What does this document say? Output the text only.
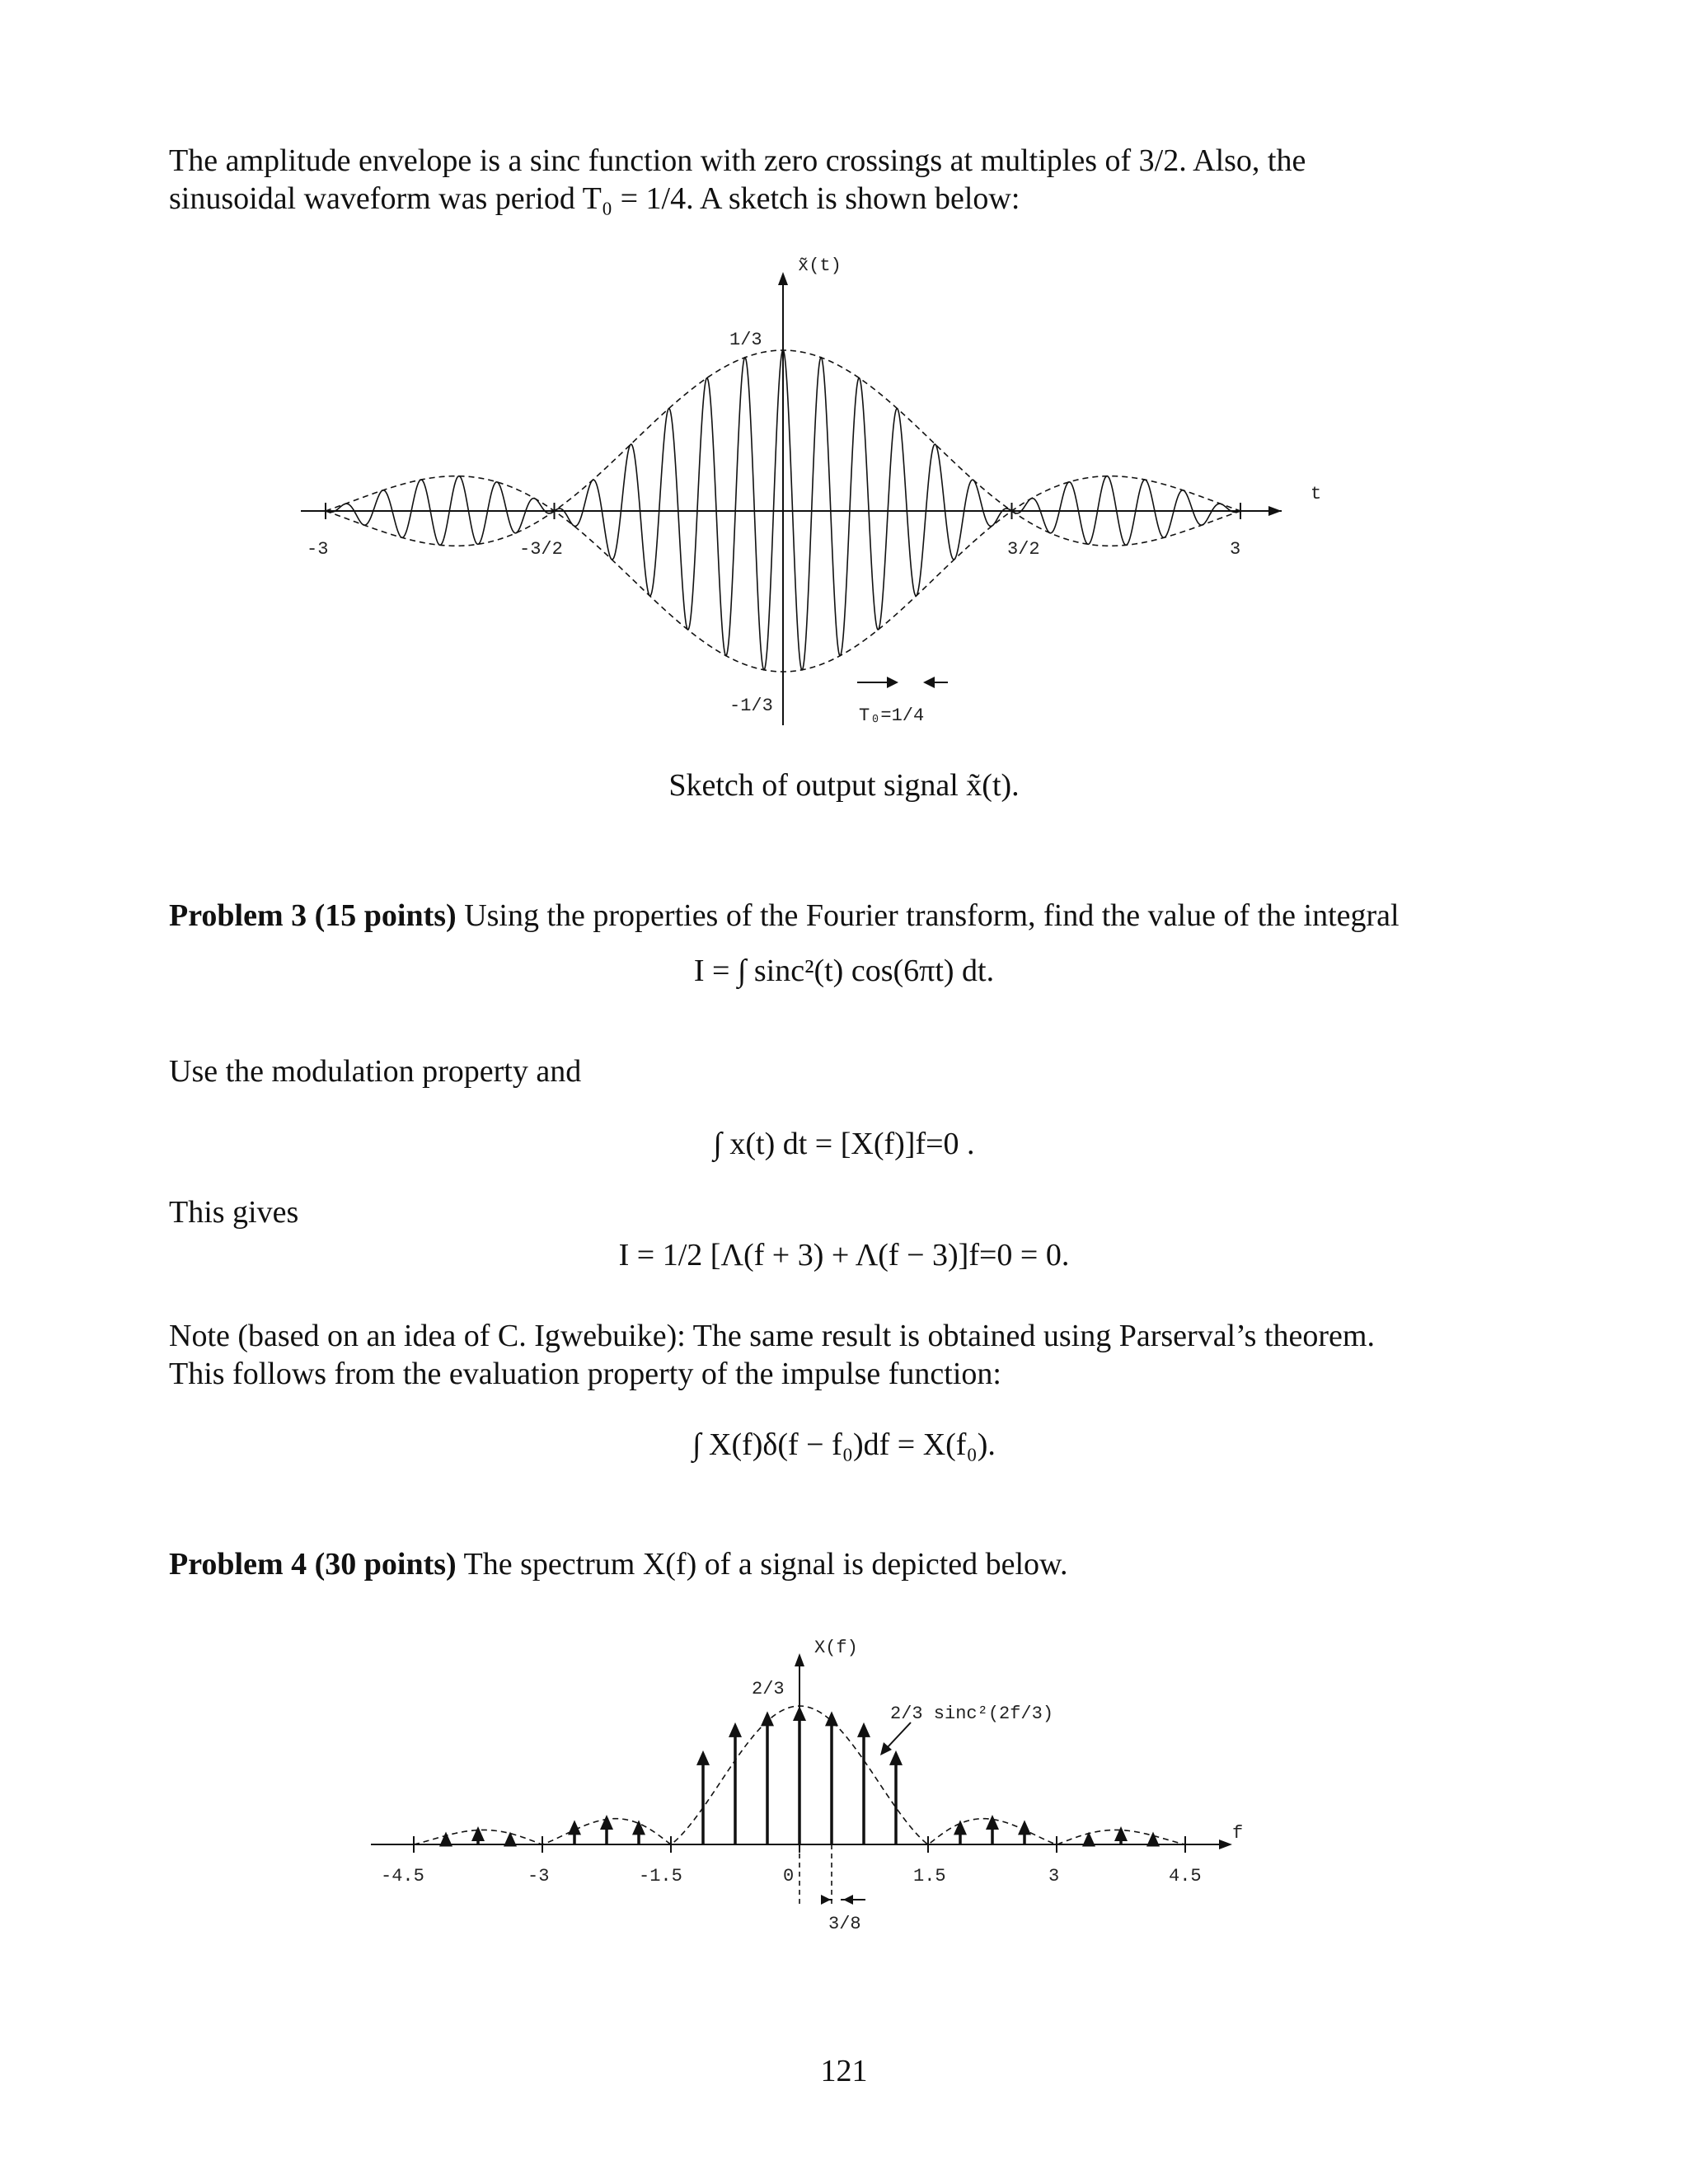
The amplitude envelope is a sinc function with zero crossings at multiples of 3/2. Also, the
sinusoidal waveform was period T₀ = 1/4. A sketch is shown below:
x̃(t)
t
1/3
-1/3
-3	-3/2	3/2	3
T₀=1/4
Sketch of output signal x̃(t).
Problem 3 (15 points) Using the properties of the Fourier transform, find the value of the integral
I = ∫ sinc²(t) cos(6πt) dt.
Use the modulation property and
∫ x(t) dt = [X(f)]f=0 .
This gives
I = 1/2 [Λ(f + 3) + Λ(f − 3)]f=0 = 0.
Note (based on an idea of C. Igwebuike): The same result is obtained using Parserval’s theorem.
This follows from the evaluation property of the impulse function:
∫ X(f)δ(f − f₀)df = X(f₀).
Problem 4 (30 points) The spectrum X(f) of a signal is depicted below.
X(f)
f
2/3
2/3 sinc²(2f/3)
-4.5	-3	-1.5	0	1.5	3	4.5
3/8
121
